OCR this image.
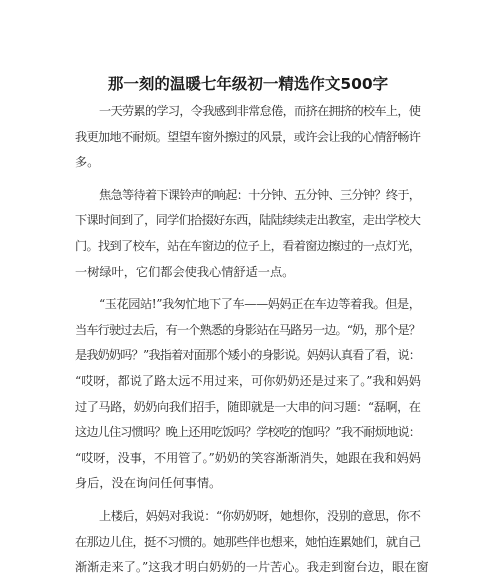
那一刻的温暖七年级初一精选作文500字

一天劳累的学习，令我感到非常怠倦，而挤在拥挤的校车上，使
我更加地不耐烦。望望车窗外擦过的风景，或许会让我的心情舒畅许
多。

焦急等待着下课铃声的响起：十分钟、五分钟、三分钟？终于，
下课时间到了，同学们拾掇好东西，陆陆续续走出教室，走出学校大
门。找到了校车，站在车窗边的位子上，看着窗边擦过的一点灯光，
一树绿叶，它们都会使我心情舒适一点。

“玉花园站!”我匆忙地下了车——妈妈正在车边等着我。但是，
当车行驶过去后，有一个熟悉的身影站在马路另一边。“奶，那个是？
是我奶奶吗？”我指着对面那个矮小的身影说。妈妈认真看了看，说：
“哎呀，都说了路太远不用过来，可你奶奶还是过来了。”我和妈妈
过了马路，奶奶向我们招手，随即就是一大串的问习题：“磊啊，在
这边儿住习惯吗？晚上还用吃饭吗？学校吃的饱吗？”我不耐烦地说：
“哎呀，没事，不用管了。”奶奶的笑容渐渐消失，她跟在我和妈妈
身后，没在询问任何事情。

上楼后，妈妈对我说：“你奶奶呀，她想你，没别的意思，你不
在那边儿住，挺不习惯的。她那些伴也想来，她怕连累她们，就自己
渐渐走来了。”这我才明白奶奶的一片苦心。我走到窗台边，眼在窗
